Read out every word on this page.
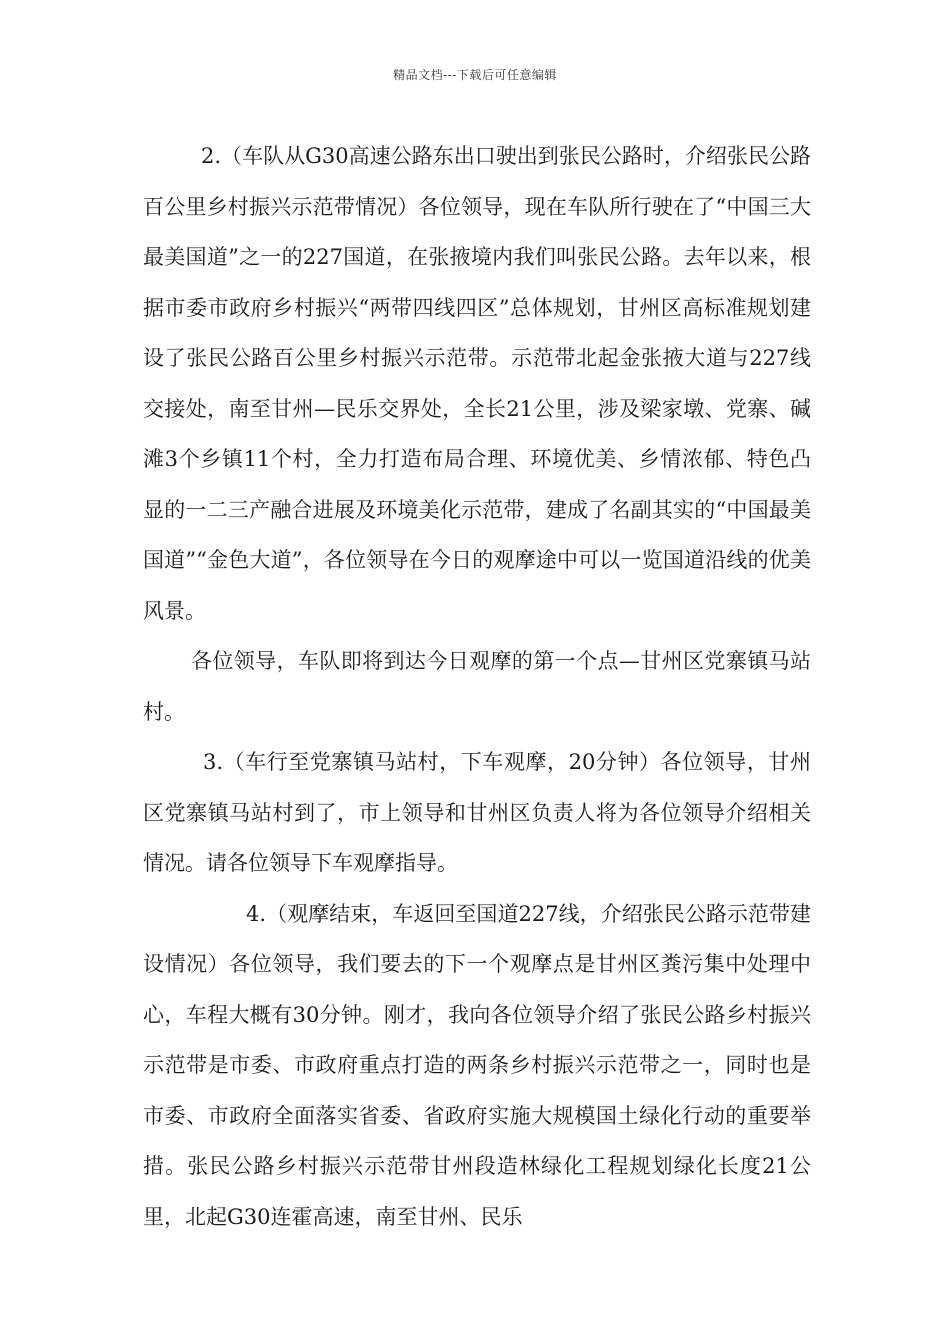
精品文档---下载后可任意编辑

2.（车队从G30高速公路东出口驶出到张民公路时，介绍张民公路百公里乡村振兴示范带情况）各位领导，现在车队所行驶在了“中国三大最美国道”之一的227国道，在张掖境内我们叫张民公路。去年以来，根据市委市政府乡村振兴“两带四线四区”总体规划，甘州区高标准规划建设了张民公路百公里乡村振兴示范带。示范带北起金张掖大道与227线交接处，南至甘州—民乐交界处，全长21公里，涉及梁家墩、党寨、碱滩3个乡镇11个村，全力打造布局合理、环境优美、乡情浓郁、特色凸显的一二三产融合进展及环境美化示范带，建成了名副其实的“中国最美国道”“金色大道”，各位领导在今日的观摩途中可以一览国道沿线的优美风景。

各位领导，车队即将到达今日观摩的第一个点—甘州区党寨镇马站村。

3.（车行至党寨镇马站村，下车观摩，20分钟）各位领导，甘州区党寨镇马站村到了，市上领导和甘州区负责人将为各位领导介绍相关情况。请各位领导下车观摩指导。

4.（观摩结束，车返回至国道227线，介绍张民公路示范带建设情况）各位领导，我们要去的下一个观摩点是甘州区粪污集中处理中心，车程大概有30分钟。刚才，我向各位领导介绍了张民公路乡村振兴示范带是市委、市政府重点打造的两条乡村振兴示范带之一，同时也是市委、市政府全面落实省委、省政府实施大规模国土绿化行动的重要举措。张民公路乡村振兴示范带甘州段造林绿化工程规划绿化长度21公里，北起G30连霍高速，南至甘州、民乐
